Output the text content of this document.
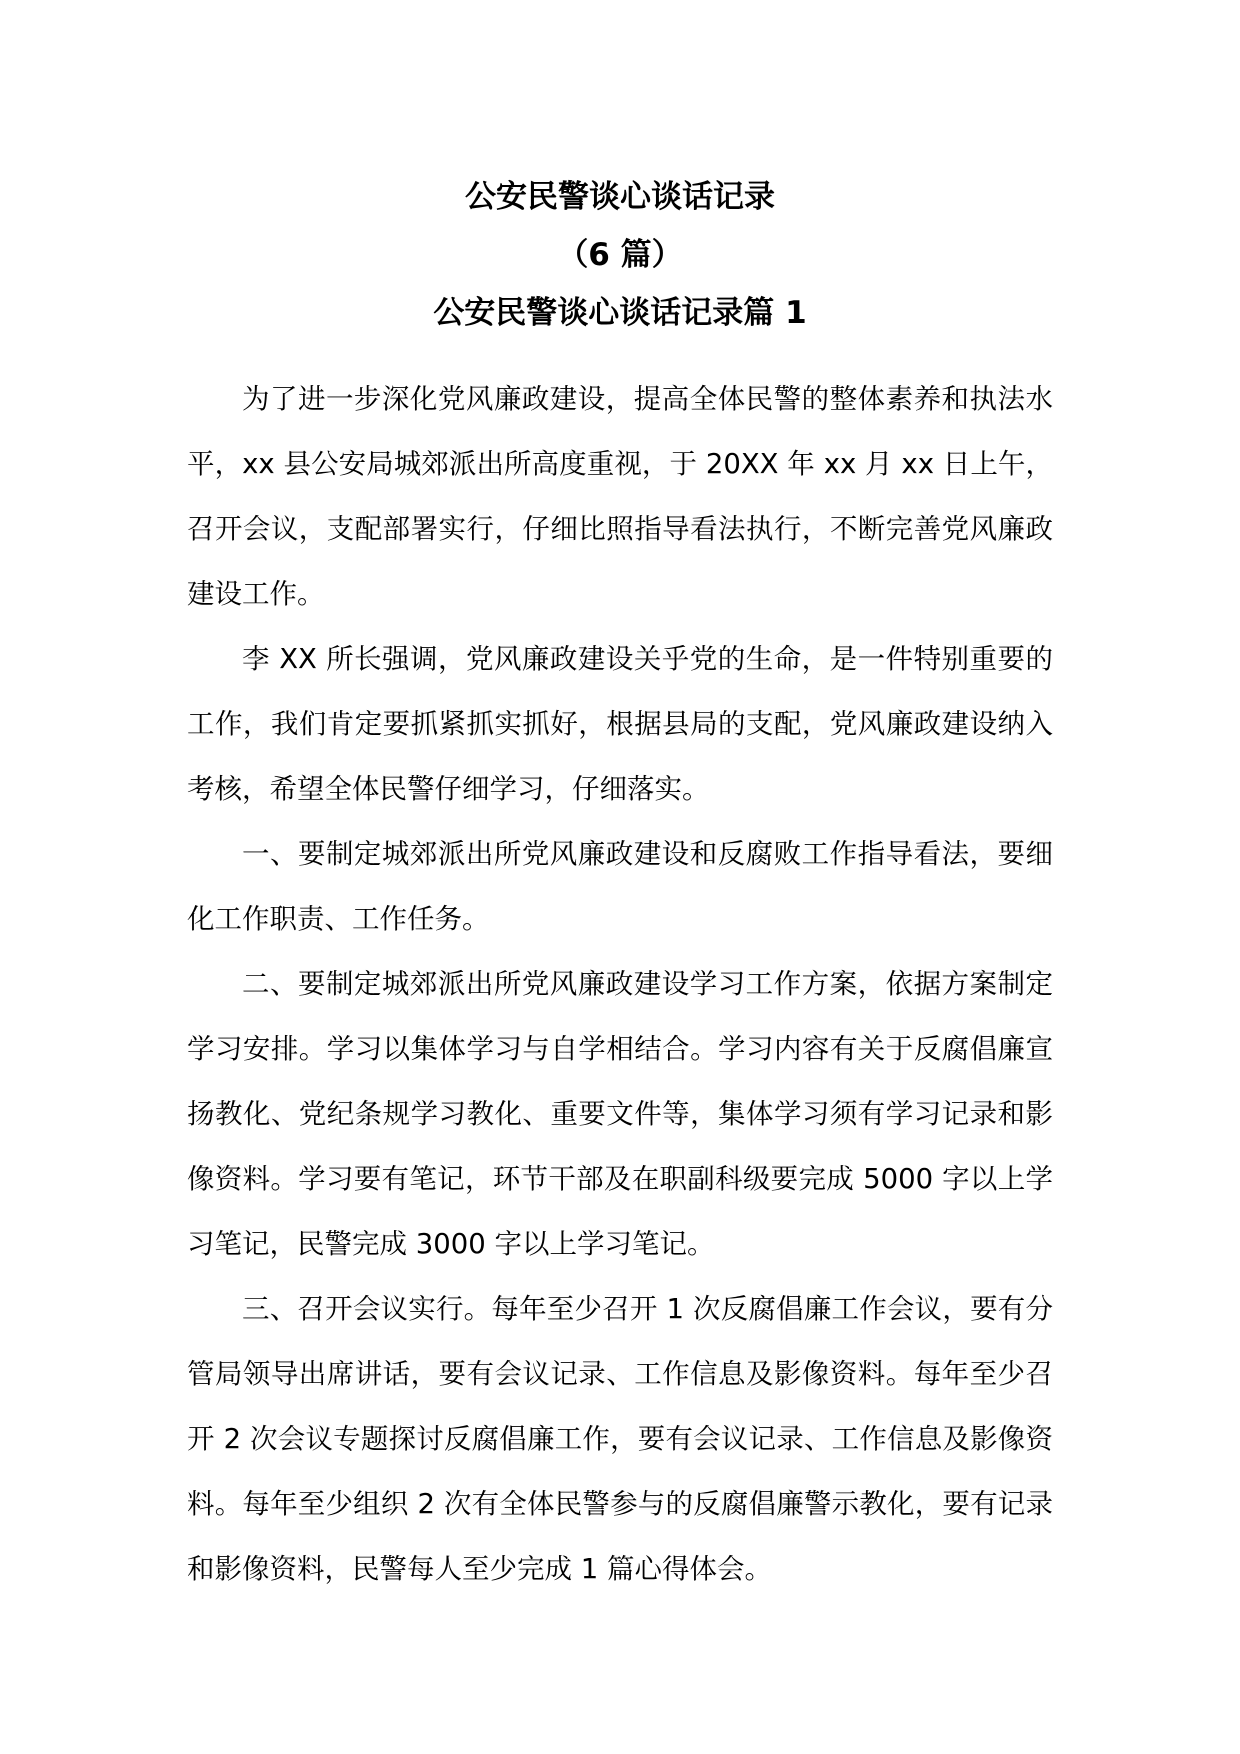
公安民警谈心谈话记录
（6 篇）
公安民警谈心谈话记录篇 1

为了进一步深化党风廉政建设，提高全体民警的整体素养和执法水平，xx 县公安局城郊派出所高度重视，于 20XX 年 xx 月 xx 日上午，召开会议，支配部署实行，仔细比照指导看法执行，不断完善党风廉政建设工作。

李 XX 所长强调，党风廉政建设关乎党的生命，是一件特别重要的工作，我们肯定要抓紧抓实抓好，根据县局的支配，党风廉政建设纳入考核，希望全体民警仔细学习，仔细落实。

一、要制定城郊派出所党风廉政建设和反腐败工作指导看法，要细化工作职责、工作任务。

二、要制定城郊派出所党风廉政建设学习工作方案，依据方案制定学习安排。学习以集体学习与自学相结合。学习内容有关于反腐倡廉宣扬教化、党纪条规学习教化、重要文件等，集体学习须有学习记录和影像资料。学习要有笔记，环节干部及在职副科级要完成 5000 字以上学习笔记，民警完成 3000 字以上学习笔记。

三、召开会议实行。每年至少召开 1 次反腐倡廉工作会议，要有分管局领导出席讲话，要有会议记录、工作信息及影像资料。每年至少召开 2 次会议专题探讨反腐倡廉工作，要有会议记录、工作信息及影像资料。每年至少组织 2 次有全体民警参与的反腐倡廉警示教化，要有记录和影像资料，民警每人至少完成 1 篇心得体会。
